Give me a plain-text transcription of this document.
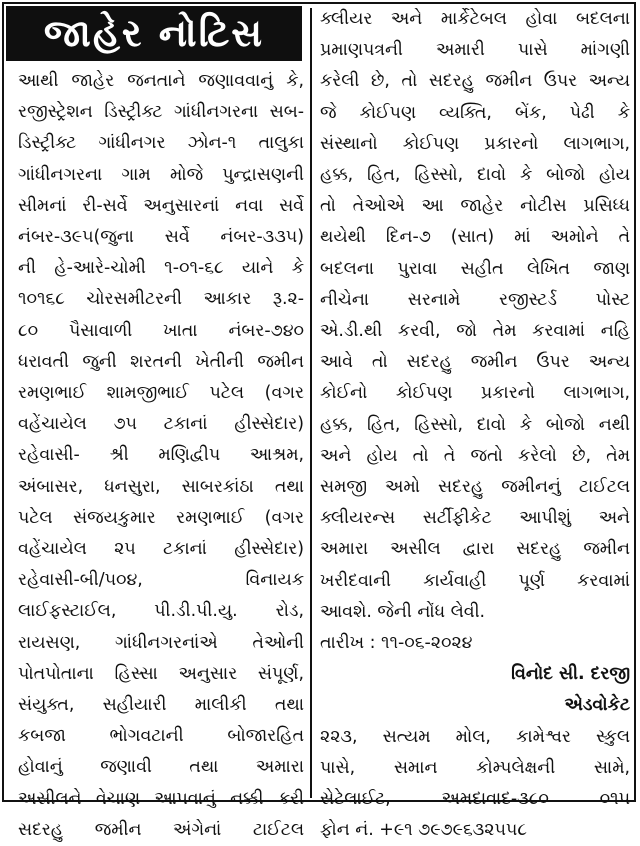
જાહેર નોટિસ
આથી જાહેર જનતાને જણાવવાનું કે,
રજીસ્ટ્રેશન ડિસ્ટ્રીક્ટ ગાંધીનગરના સબ-
ડિસ્ટ્રીક્ટ ગાંધીનગર ઝોન-૧ તાલુકા
ગાંધીનગરના ગામ મોજે પુન્દ્રાસણની
સીમનાં રી-સર્વે અનુસારનાં નવા સર્વે
નંબર-૩૯૫(જુના સર્વે નંબર-૩૩૫)
ની હે-આરે-ચોમી ૧-૦૧-૬૮ યાને કે
૧૦૧૬૮ ચોરસમીટરની આકાર રૂ.૨-
૮૦ પૈસાવાળી ખાતા નંબર-૭૪૦
ધરાવતી જુની શરતની ખેતીની જમીન
રમણભાઈ શામજીભાઈ પટેલ (વગર
વહેંચાયેલ ૭૫ ટકાનાં હીસ્સેદાર)
રહેવાસી- શ્રી મણિદ્વીપ આશ્રમ,
અંબાસર, ધનસુરા, સાબરકાંઠા તથા
પટેલ સંજયકુમાર રમણભાઈ (વગર
વહેંચાયેલ ૨૫ ટકાનાં હીસ્સેદાર)
રહેવાસી-બી/૫૦૪, વિનાયક
લાઈફસ્ટાઈલ, પી.ડી.પી.યુ. રોડ,
રાયસણ, ગાંધીનગરનાંએ તેઓની
પોતપોતાના હિસ્સા અનુસાર સંપૂર્ણ,
સંયુક્ત, સહીયારી માલીકી તથા
કબજા ભોગવટાની બોજારહિત
હોવાનું જણાવી તથા અમારા
અસીલને વેચાણ આપવાનું નક્કી કરી
સદરહુ જમીન અંગેનાં ટાઈટલ
ક્લીયર અને માર્કેટેબલ હોવા બદલના
પ્રમાણપત્રની અમારી પાસે માંગણી
કરેલી છે, તો સદરહુ જમીન ઉપર અન્ય
જે કોઈપણ વ્યક્તિ, બેંક, પેઢી કે
સંસ્થાનો કોઈપણ પ્રકારનો લાગભાગ,
હક્ક, હિત, હિસ્સો, દાવો કે બોજો હોય
તો તેઓએ આ જાહેર નોટીસ પ્રસિધ્ધ
થયેથી દિન-૭ (સાત) માં અમોને તે
બદલના પુરાવા સહીત લેખિત જાણ
નીચેના સરનામે રજીસ્ટર્ડ પોસ્ટ
એ.ડી.થી કરવી, જો તેમ કરવામાં નહિ
આવે તો સદરહુ જમીન ઉપર અન્ય
કોઈનો કોઈપણ પ્રકારનો લાગભાગ,
હક્ક, હિત, હિસ્સો, દાવો કે બોજો નથી
અને હોય તો તે જતો કરેલો છે, તેમ
સમજી અમો સદરહુ જમીનનું ટાઈટલ
ક્લીયરન્સ સર્ટીફીકેટ આપીશું અને
અમારા અસીલ દ્વારા સદરહુ જમીન
ખરીદવાની કાર્યવાહી પૂર્ણ કરવામાં
આવશે. જેની નોંધ લેવી.
તારીખ : ૧૧-૦૬-૨૦૨૪
વિનોદ સી. દરજી
એડવોકેટ
૨૨૩, સત્યમ મોલ, કામેશ્વર સ્કુલ
પાસે, સમાન કોમ્પલેક્ષની સામે,
સેટેલાઈટ, અમદાવાદ-૩૮૦ ૦૧૫
ફોન નં. +૯૧ ૭૯૭૯૬૩૨૫૫૮
